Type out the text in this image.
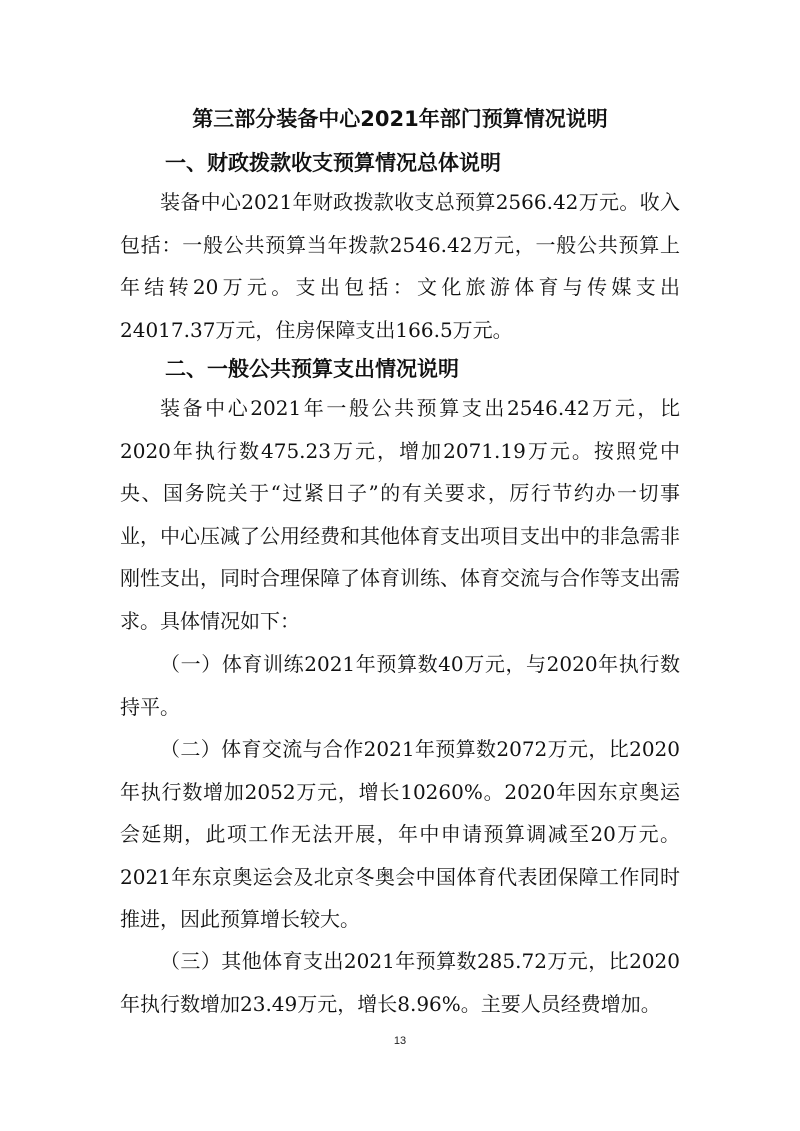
第三部分装备中心2021年部门预算情况说明
一、财政拨款收支预算情况总体说明

装备中心2021年财政拨款收支总预算2566.42万元。收入包括：一般公共预算当年拨款2546.42万元，一般公共预算上年结转20万元。支出包括：文化旅游体育与传媒支出24017.37万元，住房保障支出166.5万元。

二、一般公共预算支出情况说明

装备中心2021年一般公共预算支出2546.42万元，比2020年执行数475.23万元，增加2071.19万元。按照党中央、国务院关于“过紧日子”的有关要求，厉行节约办一切事业，中心压减了公用经费和其他体育支出项目支出中的非急需非刚性支出，同时合理保障了体育训练、体育交流与合作等支出需求。具体情况如下：

（一）体育训练2021年预算数40万元，与2020年执行数持平。

（二）体育交流与合作2021年预算数2072万元，比2020年执行数增加2052万元，增长10260%。2020年因东京奥运会延期，此项工作无法开展，年中申请预算调减至20万元。2021年东京奥运会及北京冬奥会中国体育代表团保障工作同时推进，因此预算增长较大。

（三）其他体育支出2021年预算数285.72万元，比2020年执行数增加23.49万元，增长8.96%。主要人员经费增加。

13
